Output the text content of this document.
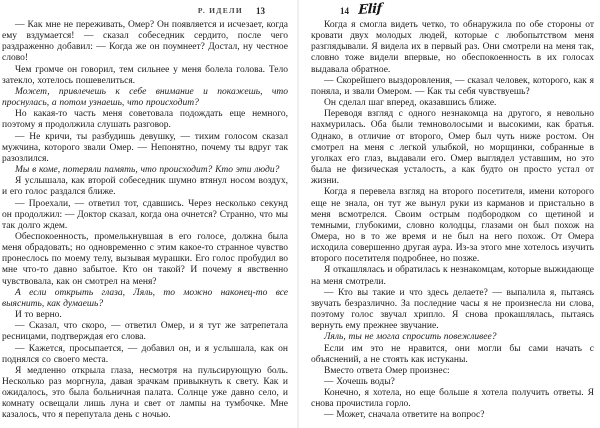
Р. ИДЕЛИ 13

— Как мне не переживать, Омер? Он появляется и исчезает, когда ему вздумается! — сказал собеседник сердито, после чего раздраженно добавил: — Когда же он поумнеет? Достал, ну честное слово!

Чем громче он говорил, тем сильнее у меня болела голова. Тело затекло, хотелось пошевелиться.

Может, привлечешь к себе внимание и покажешь, что проснулась, а потом узнаешь, что происходит?

Но какая-то часть меня советовала подождать еще немного, поэтому я продолжила слушать разговор.

— Не кричи, ты разбудишь девушку, — тихим голосом сказал мужчина, которого звали Омер. — Непонятно, почему ты вдруг так разозлился.

Мы в коме, потеряли память, что происходит? Кто эти люди?

Я услышала, как второй собеседник шумно втянул носом воздух, и его голос раздался ближе.

— Проехали, — ответил тот, сдавшись. Через несколько секунд он продолжил: — Доктор сказал, когда она очнется? Странно, что мы так долго ждем.

Обеспокоенность, промелькнувшая в его голосе, должна была меня обрадовать; но одновременно с этим какое-то странное чувство пронеслось по моему телу, вызывая мурашки. Его голос пробудил во мне что-то давно забытое. Кто он такой? И почему я явственно чувствовала, как он смотрел на меня?

А если открыть глаза, Ляль, то можно наконец-то все выяснить, как думаешь?

И то верно.

— Сказал, что скоро, — ответил Омер, и я тут же затрепетала ресницами, подтверждая его слова.

— Кажется, просыпается, — добавил он, и я услышала, как он поднялся со своего места.

Я медленно открыла глаза, несмотря на пульсирующую боль. Несколько раз моргнула, давая зрачкам привыкнуть к свету. Как и ожидалось, это была больничная палата. Солнце уже давно село, и комнату освещали лишь луна и свет от лампы на тумбочке. Мне казалось, что я перепутала день с ночью.

14 Elif

Когда я смогла видеть четко, то обнаружила по обе стороны от кровати двух молодых людей, которые с любопытством меня разглядывали. Я видела их в первый раз. Они смотрели на меня так, словно тоже видели впервые, но обеспокоенность в их голосах выдавала обратное.

— Скорейшего выздоровления, — сказал человек, которого, как я поняла, и звали Омером. — Как ты себя чувствуешь?

Он сделал шаг вперед, оказавшись ближе.

Переводя взгляд с одного незнакомца на другого, я невольно нахмурилась. Оба были темноволосыми и высокими, как братья. Однако, в отличие от второго, Омер был чуть ниже ростом. Он смотрел на меня с легкой улыбкой, но морщинки, собранные в уголках его глаз, выдавали его. Омер выглядел уставшим, но это была не физическая усталость, а как будто он просто устал от жизни.

Когда я перевела взгляд на второго посетителя, имени которого еще не знала, он тут же вынул руки из карманов и пристально в меня всмотрелся. Своим острым подбородком со щетиной и темными, глубокими, словно колодцы, глазами он был похож на Омера, но в то же время и не был на него похож. От Омера исходила совершенно другая аура. Из-за этого мне хотелось изучить второго посетителя подробнее, но позже.

Я откашлялась и обратилась к незнакомцам, которые выжидающе на меня смотрели.

— Кто вы такие и что здесь делаете? — выпалила я, пытаясь звучать безразлично. За последние часы я не произнесла ни слова, поэтому голос звучал хрипло. Я снова прокашлялась, пытаясь вернуть ему прежнее звучание.

Ляль, ты не могла спросить повежливее?

Если им это не нравится, они могли бы сами начать с объяснений, а не стоять как истуканы.

Вместо ответа Омер произнес:

— Хочешь воды?

Конечно, я хотела, но еще больше я хотела получить ответы. Я снова прочистила горло.

— Может, сначала ответите на вопрос?
